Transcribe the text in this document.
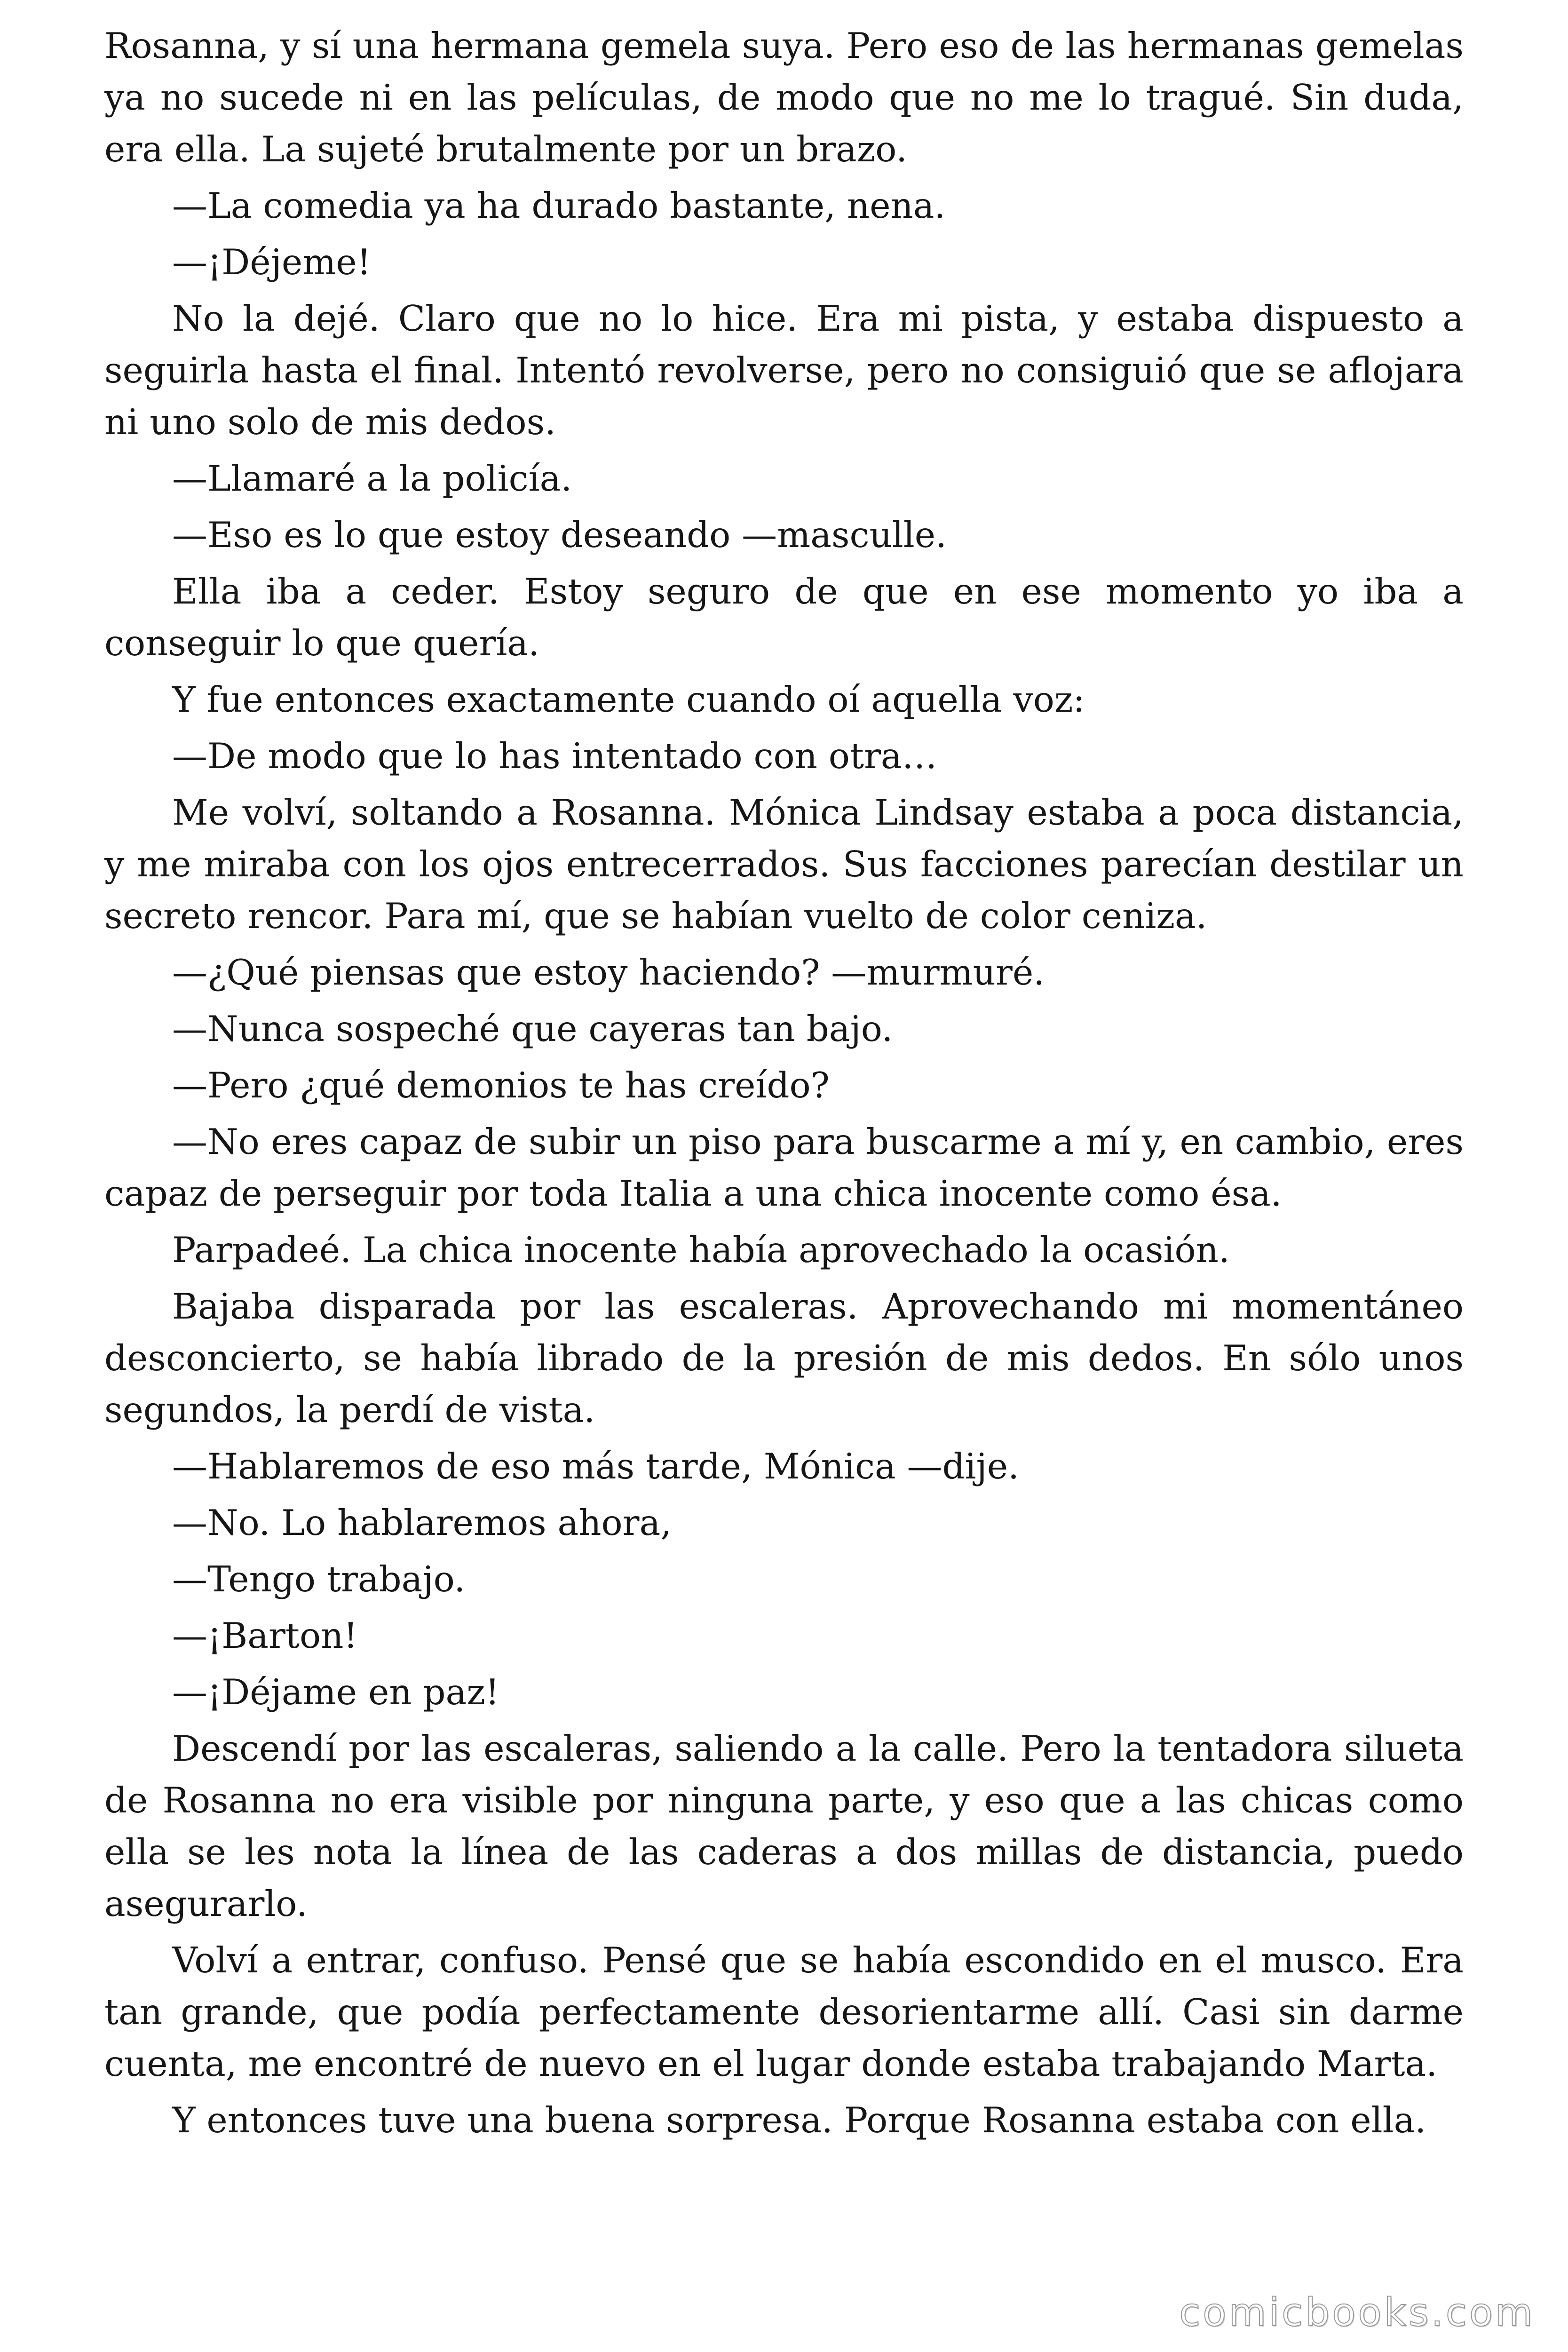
Rosanna, y sí una hermana gemela suya. Pero eso de las hermanas gemelas ya no sucede ni en las películas, de modo que no me lo tragué. Sin duda, era ella. La sujeté brutalmente por un brazo.

—La comedia ya ha durado bastante, nena.

—¡Déjeme!

No la dejé. Claro que no lo hice. Era mi pista, y estaba dispuesto a seguirla hasta el final. Intentó revolverse, pero no consiguió que se aflojara ni uno solo de mis dedos.

—Llamaré a la policía.

—Eso es lo que estoy deseando —masculle.

Ella iba a ceder. Estoy seguro de que en ese momento yo iba a conseguir lo que quería.

Y fue entonces exactamente cuando oí aquella voz:

—De modo que lo has intentado con otra…

Me volví, soltando a Rosanna. Mónica Lindsay estaba a poca distancia, y me miraba con los ojos entrecerrados. Sus facciones parecían destilar un secreto rencor. Para mí, que se habían vuelto de color ceniza.

—¿Qué piensas que estoy haciendo? —murmuré.

—Nunca sospeché que cayeras tan bajo.

—Pero ¿qué demonios te has creído?

—No eres capaz de subir un piso para buscarme a mí y, en cambio, eres capaz de perseguir por toda Italia a una chica inocente como ésa.

Parpadeé. La chica inocente había aprovechado la ocasión.

Bajaba disparada por las escaleras. Aprovechando mi momentáneo desconcierto, se había librado de la presión de mis dedos. En sólo unos segundos, la perdí de vista.

—Hablaremos de eso más tarde, Mónica —dije.

—No. Lo hablaremos ahora,

—Tengo trabajo.

—¡Barton!

—¡Déjame en paz!

Descendí por las escaleras, saliendo a la calle. Pero la tentadora silueta de Rosanna no era visible por ninguna parte, y eso que a las chicas como ella se les nota la línea de las caderas a dos millas de distancia, puedo asegurarlo.

Volví a entrar, confuso. Pensé que se había escondido en el musco. Era tan grande, que podía perfectamente desorientarme allí. Casi sin darme cuenta, me encontré de nuevo en el lugar donde estaba trabajando Marta.

Y entonces tuve una buena sorpresa. Porque Rosanna estaba con ella.

comicbooks.com
